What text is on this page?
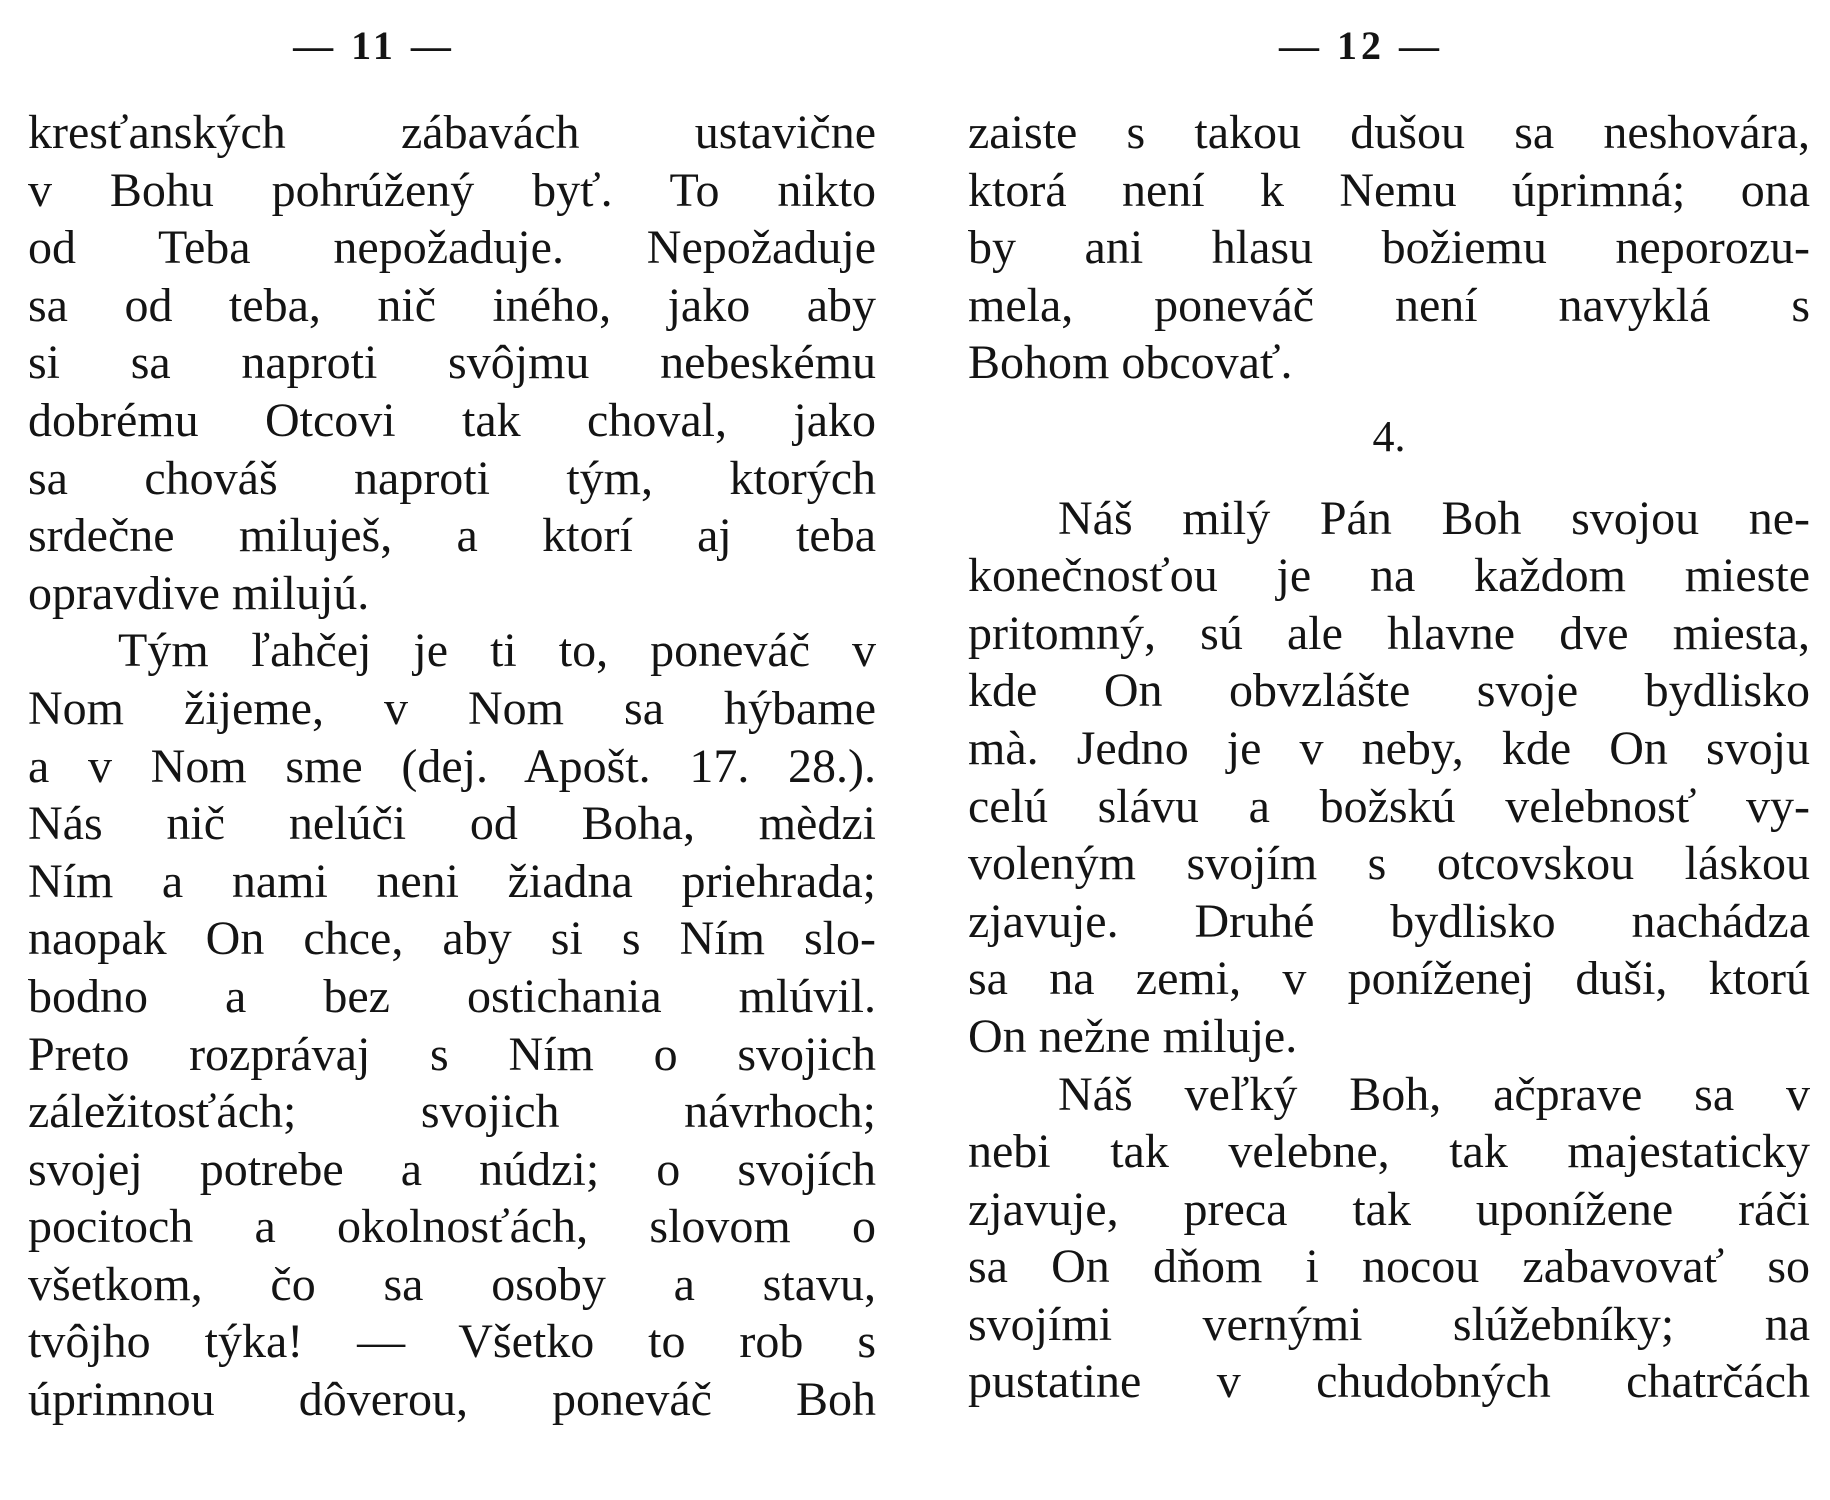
— 11 —
kresťanských zábavách ustavične
v Bohu pohrúžený byť. To nikto
od Teba nepožaduje. Nepožaduje
sa od teba, nič iného, jako aby
si sa naproti svôjmu nebeskému
dobrému Otcovi tak choval, jako
sa chováš naproti tým, ktorých
srdečne miluješ, a ktorí aj teba
opravdive milujú.
Tým ľahčej je ti to, poneváč v
Nom žijeme, v Nom sa hýbame
a v Nom sme (dej. Apošt. 17. 28.).
Nás nič nelúči od Boha, mèdzi
Ním a nami neni žiadna priehrada;
naopak On chce, aby si s Ním slo-
bodno a bez ostichania mlúvil.
Preto rozprávaj s Ním o svojich
záležitosťách; svojich návrhoch;
svojej potrebe a núdzi; o svojích
pocitoch a okolnosťách, slovom o
všetkom, čo sa osoby a stavu,
tvôjho týka! — Všetko to rob s
úprimnou dôverou, poneváč Boh
— 12 —
zaiste s takou dušou sa neshovára,
ktorá není k Nemu úprimná; ona
by ani hlasu božiemu neporozu-
mela, poneváč není navyklá s
Bohom obcovať.
4.
Náš milý Pán Boh svojou ne-
konečnosťou je na každom mieste
pritomný, sú ale hlavne dve miesta,
kde On obvzlášte svoje bydlisko
mà. Jedno je v neby, kde On svoju
celú slávu a božskú velebnosť vy-
voleným svojím s otcovskou láskou
zjavuje. Druhé bydlisko nachádza
sa na zemi, v poníženej duši, ktorú
On nežne miluje.
Náš veľký Boh, ačprave sa v
nebi tak velebne, tak majestaticky
zjavuje, preca tak uponížene ráči
sa On dňom i nocou zabavovať so
svojími vernými slúžebníky; na
pustatine v chudobných chatrčách
